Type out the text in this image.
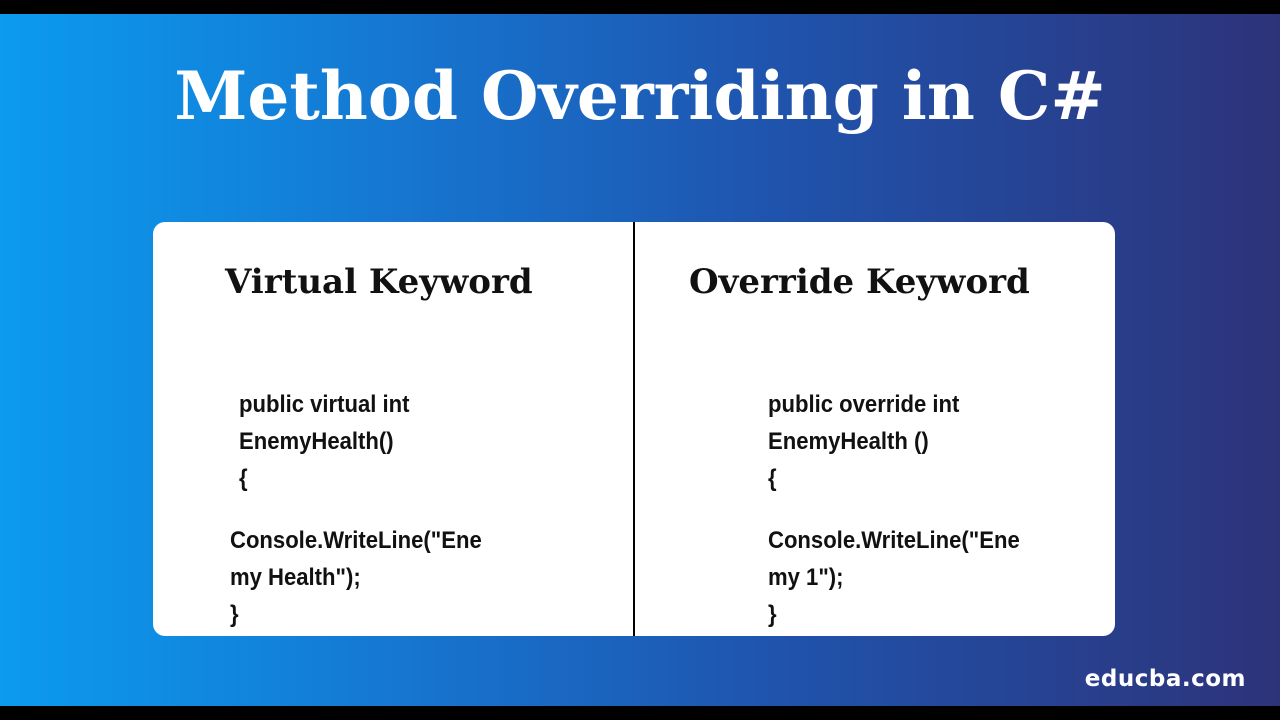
Method Overriding in C#
Virtual Keyword
public virtual int
EnemyHealth()
{
Console.WriteLine("Ene
my Health");
}
Override Keyword
public override int
EnemyHealth ()
{
Console.WriteLine("Ene
my 1");
}
educba.com
